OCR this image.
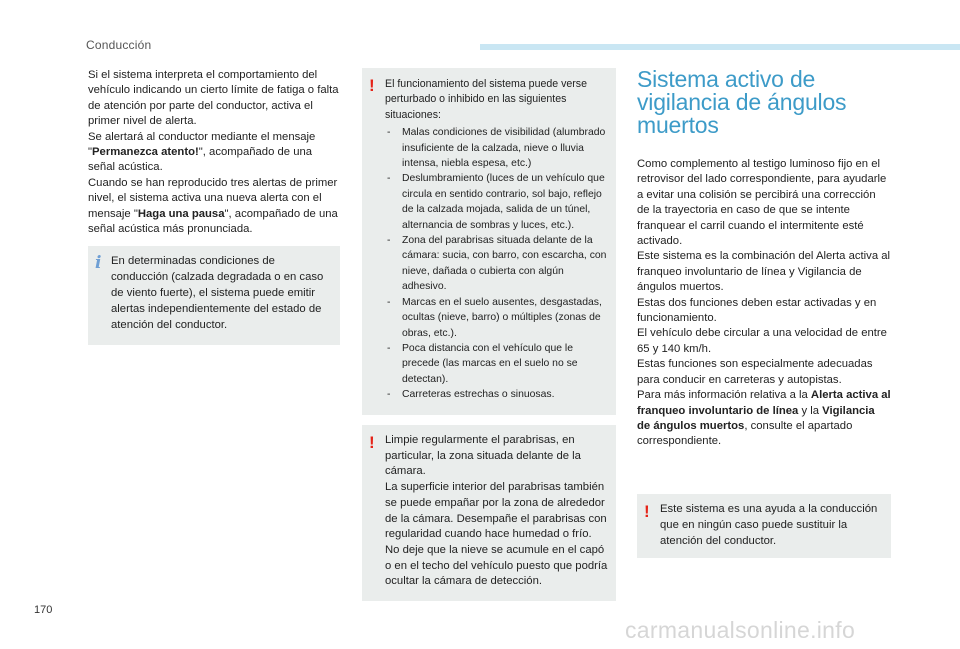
Conducción

Si el sistema interpreta el comportamiento del vehículo indicando un cierto límite de fatiga o falta de atención por parte del conductor, activa el primer nivel de alerta.

Se alertará al conductor mediante el mensaje "Permanezca atento!", acompañado de una señal acústica.

Cuando se han reproducido tres alertas de primer nivel, el sistema activa una nueva alerta con el mensaje "Haga una pausa", acompañado de una señal acústica más pronunciada.

i En determinadas condiciones de conducción (calzada degradada o en caso de viento fuerte), el sistema puede emitir alertas independientemente del estado de atención del conductor.

! El funcionamiento del sistema puede verse perturbado o inhibido en las siguientes situaciones:

- Malas condiciones de visibilidad (alumbrado insuficiente de la calzada, nieve o lluvia intensa, niebla espesa, etc.)
- Deslumbramiento (luces de un vehículo que circula en sentido contrario, sol bajo, reflejo de la calzada mojada, salida de un túnel, alternancia de sombras y luces, etc.).
- Zona del parabrisas situada delante de la cámara: sucia, con barro, con escarcha, con nieve, dañada o cubierta con algún adhesivo.
- Marcas en el suelo ausentes, desgastadas, ocultas (nieve, barro) o múltiples (zonas de obras, etc.).
- Poca distancia con el vehículo que le precede (las marcas en el suelo no se detectan).
- Carreteras estrechas o sinuosas.
! Limpie regularmente el parabrisas, en particular, la zona situada delante de la cámara.

La superficie interior del parabrisas también se puede empañar por la zona de alrededor de la cámara. Desempañe el parabrisas con regularidad cuando hace humedad o frío.

No deje que la nieve se acumule en el capó o en el techo del vehículo puesto que podría ocultar la cámara de detección.

Sistema activo de vigilancia de ángulos muertos

Como complemento al testigo luminoso fijo en el retrovisor del lado correspondiente, para ayudarle a evitar una colisión se percibirá una corrección de la trayectoria en caso de que se intente franquear el carril cuando el intermitente esté activado.

Este sistema es la combinación del Alerta activa al franqueo involuntario de línea y Vigilancia de ángulos muertos.

Estas dos funciones deben estar activadas y en funcionamiento.

El vehículo debe circular a una velocidad de entre 65 y 140 km/h.

Estas funciones son especialmente adecuadas para conducir en carreteras y autopistas.

Para más información relativa a la Alerta activa al franqueo involuntario de línea y la Vigilancia de ángulos muertos, consulte el apartado correspondiente.

! Este sistema es una ayuda a la conducción que en ningún caso puede sustituir la atención del conductor.

170
carmanualsonline.info
